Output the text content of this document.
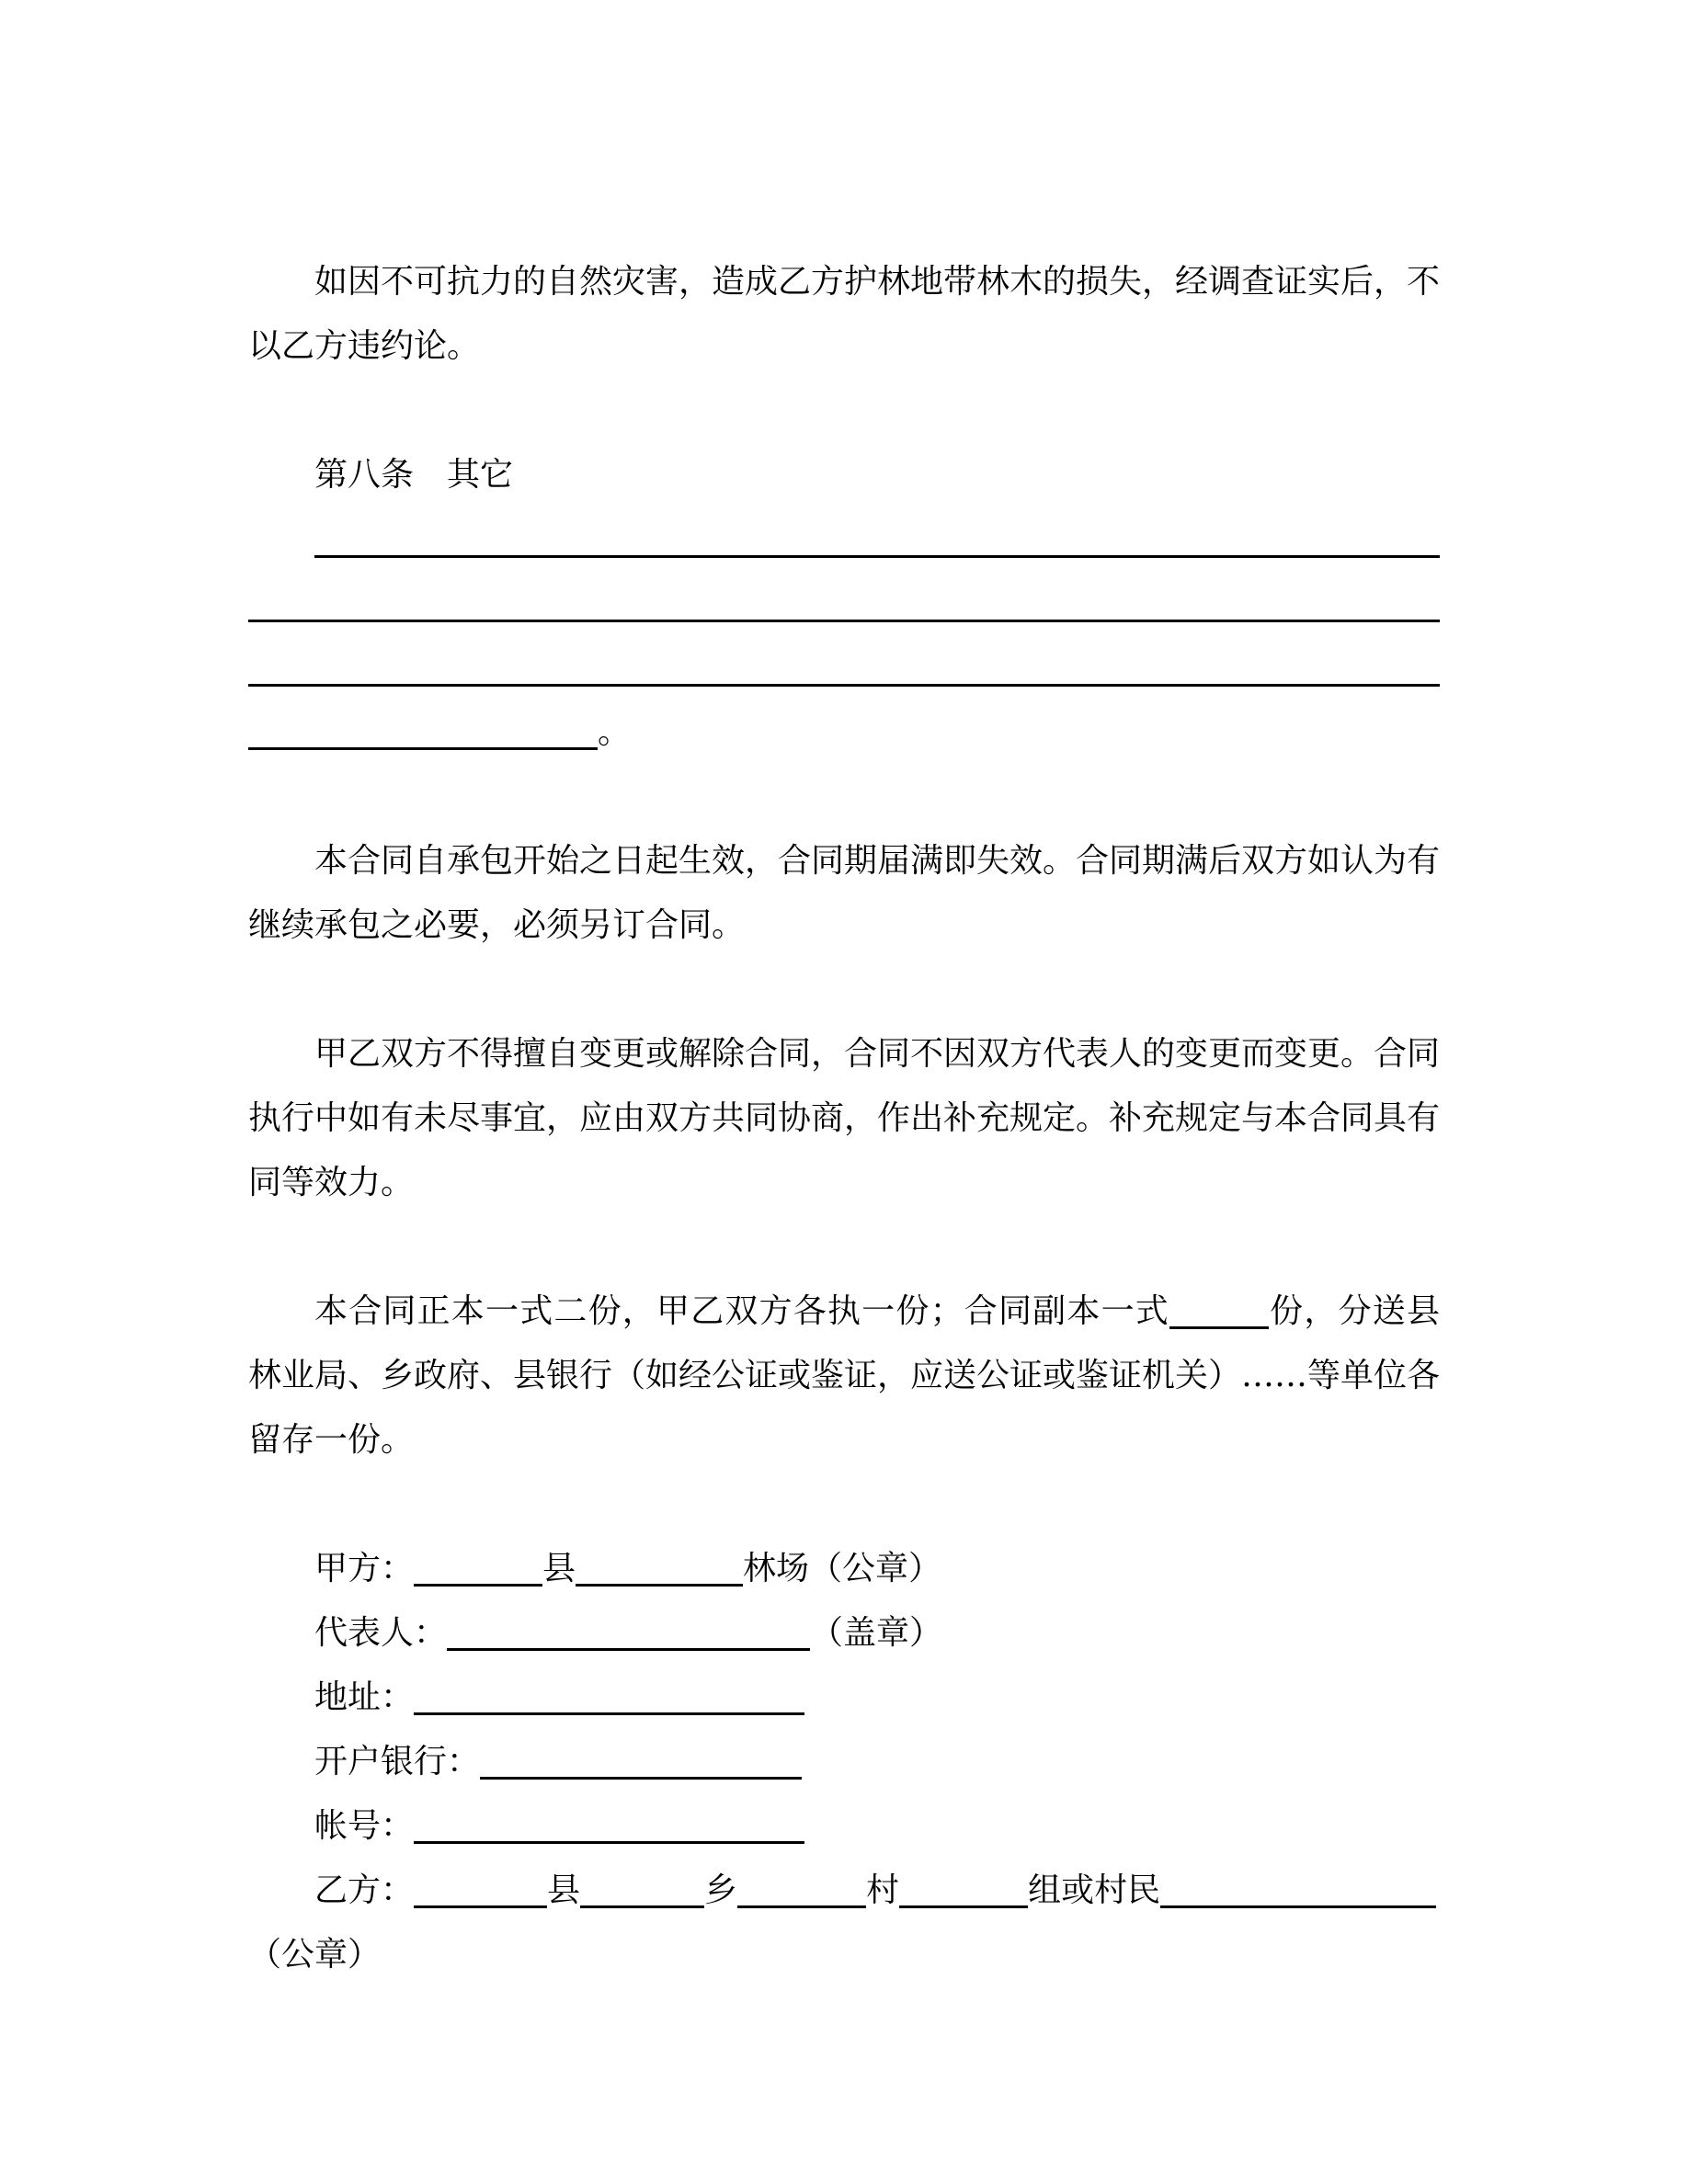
如因不可抗力的自然灾害，造成乙方护林地带林木的损失，经调查证实后，不以乙方违约论。

第八条　其它

。

本合同自承包开始之日起生效，合同期届满即失效。合同期满后双方如认为有继续承包之必要，必须另订合同。

甲乙双方不得擅自变更或解除合同，合同不因双方代表人的变更而变更。合同执行中如有未尽事宜，应由双方共同协商，作出补充规定。补充规定与本合同具有同等效力。

本合同正本一式二份，甲乙双方各执一份；合同副本一式	份，分送县林业局、乡政府、县银行（如经公证或鉴证，应送公证或鉴证机关）……等单位各留存一份。

甲方：	县	林场（公章）
代表人：	（盖章）
地址：
开户银行：
帐号：
乙方：	县	乡	村	组或村民
（公章）
